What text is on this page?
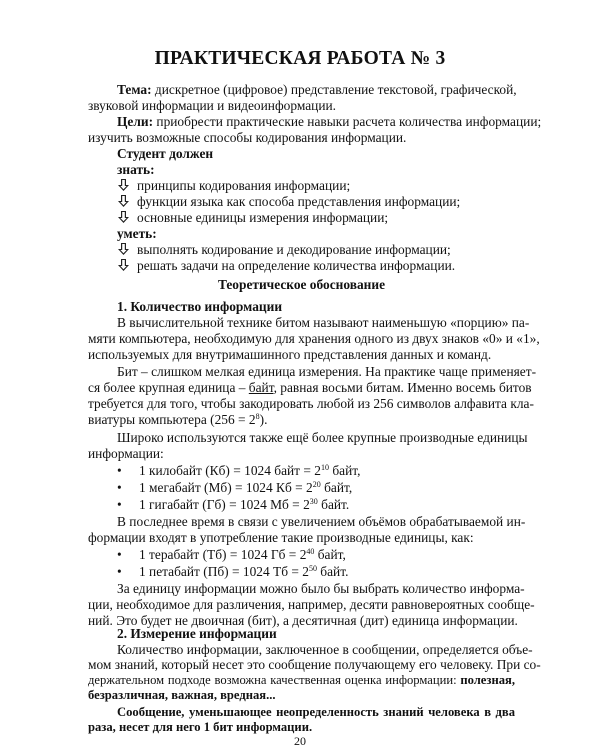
ПРАКТИЧЕСКАЯ РАБОТА № 3
Тема: дискретное (цифровое) представление текстовой, графической,
звуковой информации и видеоинформации.
Цели: приобрести практические навыки расчета количества информации;
изучить возможные способы кодирования информации.
Студент должен
знать:
принципы кодирования информации;
функции языка как способа представления информации;
основные единицы измерения информации;
уметь:
выполнять кодирование и декодирование информации;
решать задачи на определение количества информации.
Теоретическое обоснование
1. Количество информации
В вычислительной технике битом называют наименьшую «порцию» па-
мяти компьютера, необходимую для хранения одного из двух знаков «0» и «1»,
используемых для внутримашинного представления данных и команд.
Бит – слишком мелкая единица измерения. На практике чаще применяет-
ся более крупная единица – байт, равная восьми битам. Именно восемь битов
требуется для того, чтобы закодировать любой из 256 символов алфавита кла-
виатуры компьютера $(256 = 2^8)$.
Широко используются также ещё более крупные производные единицы
информации:
• 1 килобайт (Кб) = 1024 байт = $2^{10}$ байт,
• 1 мегабайт (Мб) = 1024 Кб = $2^{20}$ байт,
• 1 гигабайт (Гб) = 1024 Мб = $2^{30}$ байт.
В последнее время в связи с увеличением объёмов обрабатываемой ин-
формации входят в употребление такие производные единицы, как:
• 1 терабайт (Тб) = 1024 Гб = $2^{40}$ байт,
• 1 петабайт (Пб) = 1024 Тб = $2^{50}$ байт.
За единицу информации можно было бы выбрать количество информа-
ции, необходимое для различения, например, десяти равновероятных сообще-
ний. Это будет не двоичная (бит), а десятичная (дит) единица информации.
2. Измерение информации
Количество информации, заключенное в сообщении, определяется объе-
мом знаний, который несет это сообщение получающему его человеку. При со-
держательном подходе возможна качественная оценка информации: полезная,
безразличная, важная, вредная...
Сообщение, уменьшающее неопределенность знаний человека в два
раза, несет для него 1 бит информации.
20
